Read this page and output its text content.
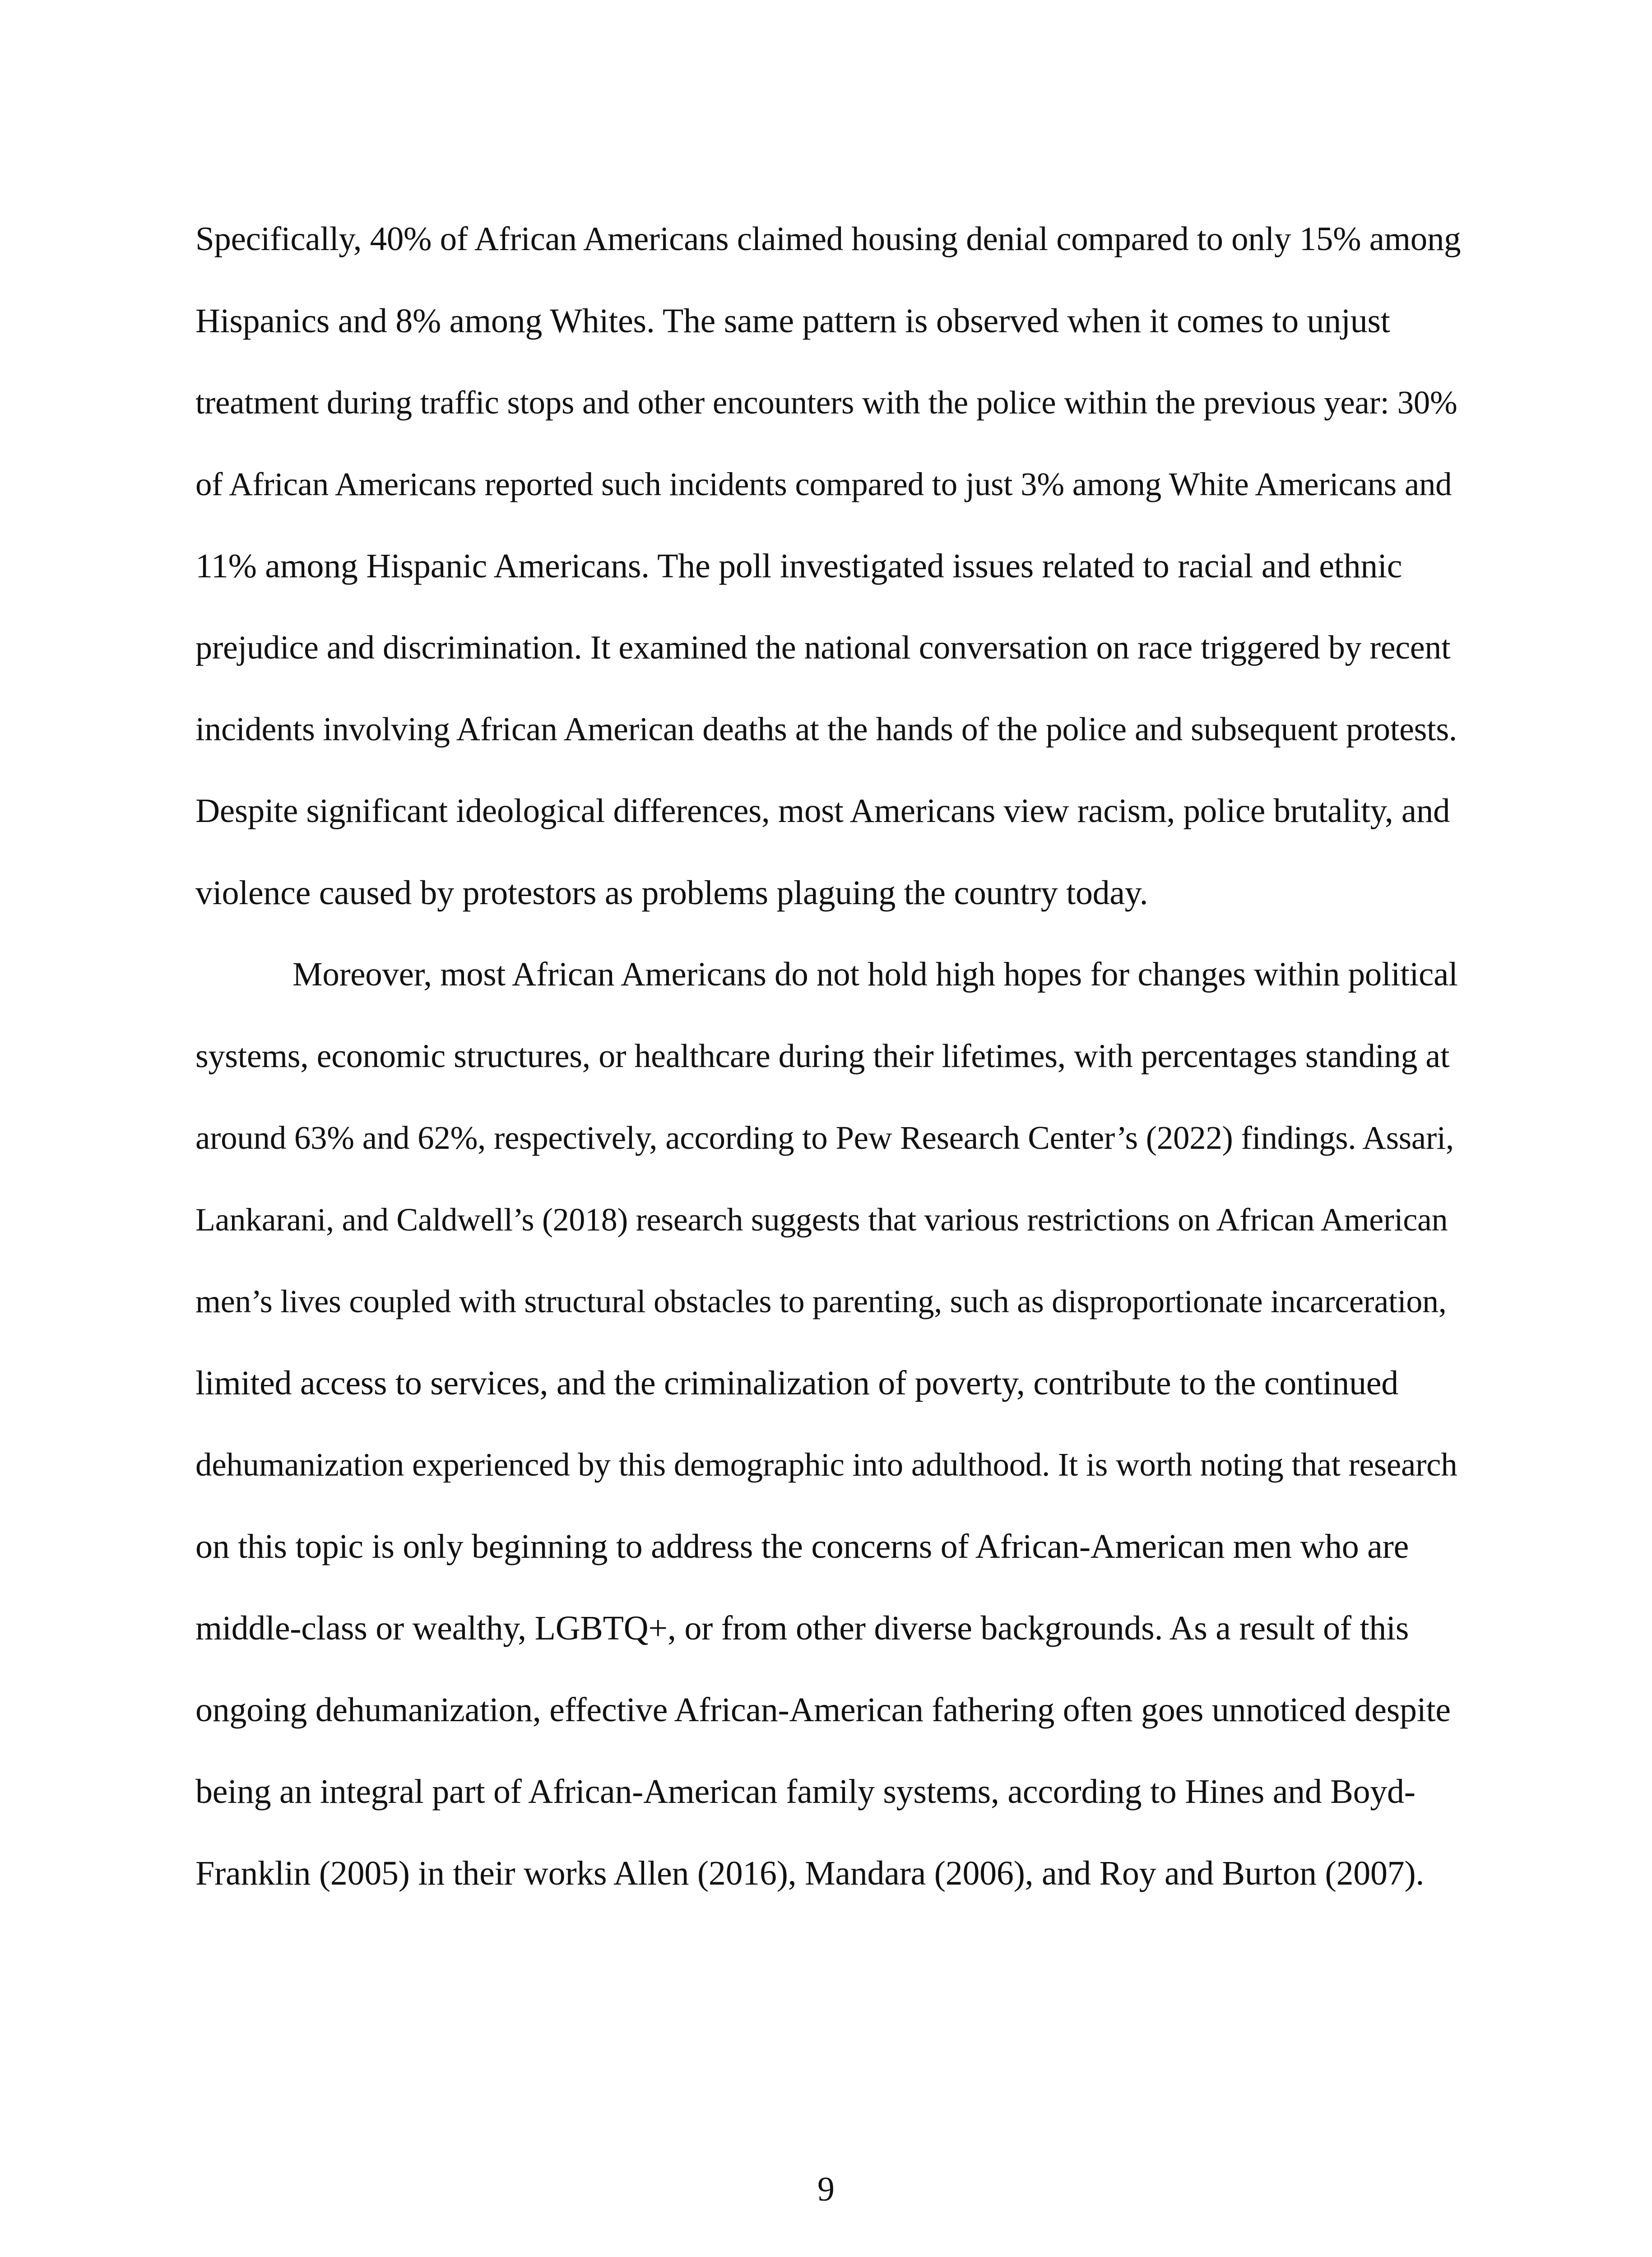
Specifically, 40% of African Americans claimed housing denial compared to only 15% among
Hispanics and 8% among Whites. The same pattern is observed when it comes to unjust
treatment during traffic stops and other encounters with the police within the previous year: 30%
of African Americans reported such incidents compared to just 3% among White Americans and
11% among Hispanic Americans. The poll investigated issues related to racial and ethnic
prejudice and discrimination. It examined the national conversation on race triggered by recent
incidents involving African American deaths at the hands of the police and subsequent protests.
Despite significant ideological differences, most Americans view racism, police brutality, and
violence caused by protestors as problems plaguing the country today.
Moreover, most African Americans do not hold high hopes for changes within political
systems, economic structures, or healthcare during their lifetimes, with percentages standing at
around 63% and 62%, respectively, according to Pew Research Center’s (2022) findings. Assari,
Lankarani, and Caldwell’s (2018) research suggests that various restrictions on African American
men’s lives coupled with structural obstacles to parenting, such as disproportionate incarceration,
limited access to services, and the criminalization of poverty, contribute to the continued
dehumanization experienced by this demographic into adulthood. It is worth noting that research
on this topic is only beginning to address the concerns of African-American men who are
middle-class or wealthy, LGBTQ+, or from other diverse backgrounds. As a result of this
ongoing dehumanization, effective African-American fathering often goes unnoticed despite
being an integral part of African-American family systems, according to Hines and Boyd-
Franklin (2005) in their works Allen (2016), Mandara (2006), and Roy and Burton (2007).
9
